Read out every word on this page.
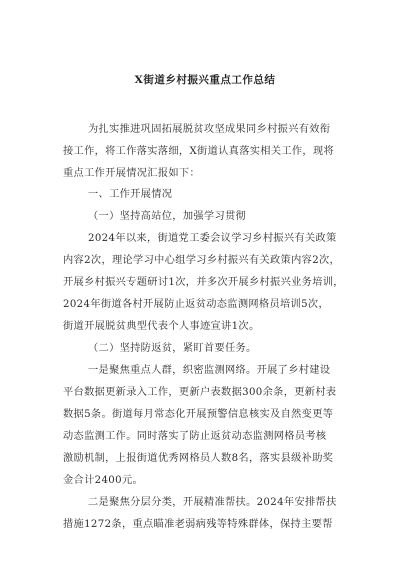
X街道乡村振兴重点工作总结
为扎实推进巩固拓展脱贫攻坚成果同乡村振兴有效衔
接工作，将工作落实落细，X街道认真落实相关工作，现将
重点工作开展情况汇报如下：
一、工作开展情况
（一）坚持高站位，加强学习贯彻
2024年以来，街道党工委会议学习乡村振兴有关政策
内容2次，理论学习中心组学习乡村振兴有关政策内容2次，
开展乡村振兴专题研讨1次，并多次开展乡村振兴业务培训，
2024年街道各村开展防止返贫动态监测网格员培训5次，
街道开展脱贫典型代表个人事迹宣讲1次。
（二）坚持防返贫，紧盯首要任务。
一是聚焦重点人群，织密监测网络。开展了乡村建设
平台数据更新录入工作，更新户表数据300余条，更新村表
数据5条。街道每月常态化开展预警信息核实及自然变更等
动态监测工作。同时落实了防止返贫动态监测网格员考核
激励机制，上报街道优秀网格员人数8名，落实县级补助奖
金合计2400元。
二是聚焦分层分类，开展精准帮扶。2024年安排帮扶
措施1272条，重点瞄准老弱病残等特殊群体，保持主要帮
